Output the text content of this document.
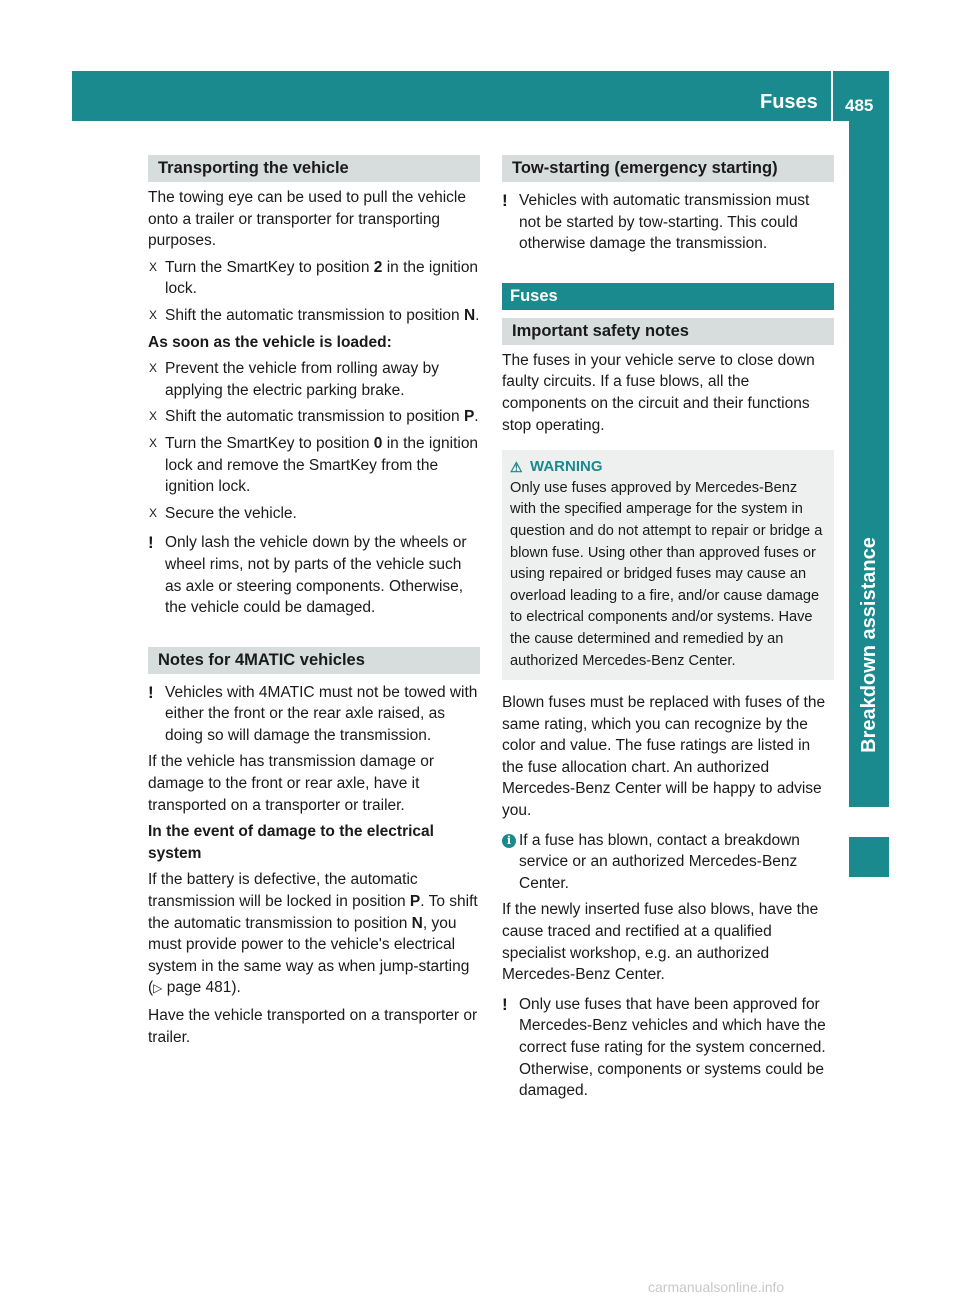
Fuses 485
Breakdown assistance
Transporting the vehicle

The towing eye can be used to pull the vehicle onto a trailer or transporter for transporting purposes.

X Turn the SmartKey to position 2 in the ignition lock.
X Shift the automatic transmission to position N.

As soon as the vehicle is loaded:

X Prevent the vehicle from rolling away by applying the electric parking brake.
X Shift the automatic transmission to position P.
X Turn the SmartKey to position 0 in the ignition lock and remove the SmartKey from the ignition lock.
X Secure the vehicle.
! Only lash the vehicle down by the wheels or wheel rims, not by parts of the vehicle such as axle or steering components. Otherwise, the vehicle could be damaged.
Notes for 4MATIC vehicles
! Vehicles with 4MATIC must not be towed with either the front or the rear axle raised, as doing so will damage the transmission.

If the vehicle has transmission damage or damage to the front or rear axle, have it transported on a transporter or trailer.

In the event of damage to the electrical system

If the battery is defective, the automatic transmission will be locked in position P. To shift the automatic transmission to position N, you must provide power to the vehicle's electrical system in the same way as when jump-starting (▷ page 481).

Have the vehicle transported on a transporter or trailer.

Tow-starting (emergency starting)
! Vehicles with automatic transmission must not be started by tow-starting. This could otherwise damage the transmission.
Fuses
Important safety notes

The fuses in your vehicle serve to close down faulty circuits. If a fuse blows, all the components on the circuit and their functions stop operating.

⚠ WARNING
Only use fuses approved by Mercedes-Benz with the specified amperage for the system in question and do not attempt to repair or bridge a blown fuse. Using other than approved fuses or using repaired or bridged fuses may cause an overload leading to a fire, and/or cause damage to electrical components and/or systems. Have the cause determined and remedied by an authorized Mercedes-Benz Center.

Blown fuses must be replaced with fuses of the same rating, which you can recognize by the color and value. The fuse ratings are listed in the fuse allocation chart. An authorized Mercedes-Benz Center will be happy to advise you.

i If a fuse has blown, contact a breakdown service or an authorized Mercedes-Benz Center.

If the newly inserted fuse also blows, have the cause traced and rectified at a qualified specialist workshop, e.g. an authorized Mercedes-Benz Center.

! Only use fuses that have been approved for Mercedes-Benz vehicles and which have the correct fuse rating for the system concerned. Otherwise, components or systems could be damaged.
carmanualsonline.info
